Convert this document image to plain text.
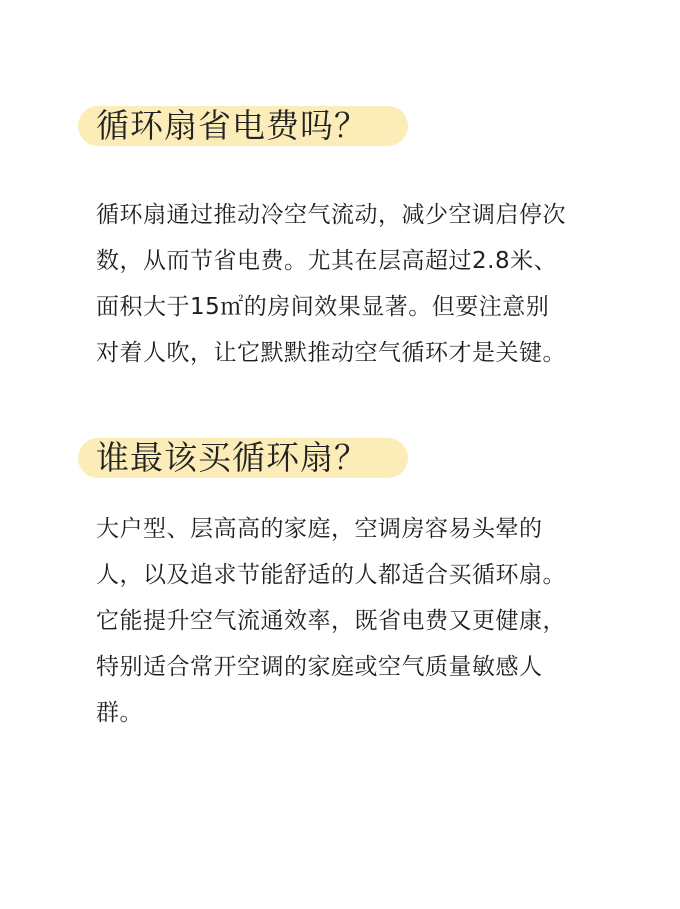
循环扇省电费吗？

循环扇通过推动冷空气流动，减少空调启停次
数，从而节省电费。尤其在层高超过2.8米、
面积大于15㎡的房间效果显著。但要注意别
对着人吹，让它默默推动空气循环才是关键。

谁最该买循环扇？

大户型、层高高的家庭，空调房容易头晕的
人，以及追求节能舒适的人都适合买循环扇。
它能提升空气流通效率，既省电费又更健康，
特别适合常开空调的家庭或空气质量敏感人
群。
